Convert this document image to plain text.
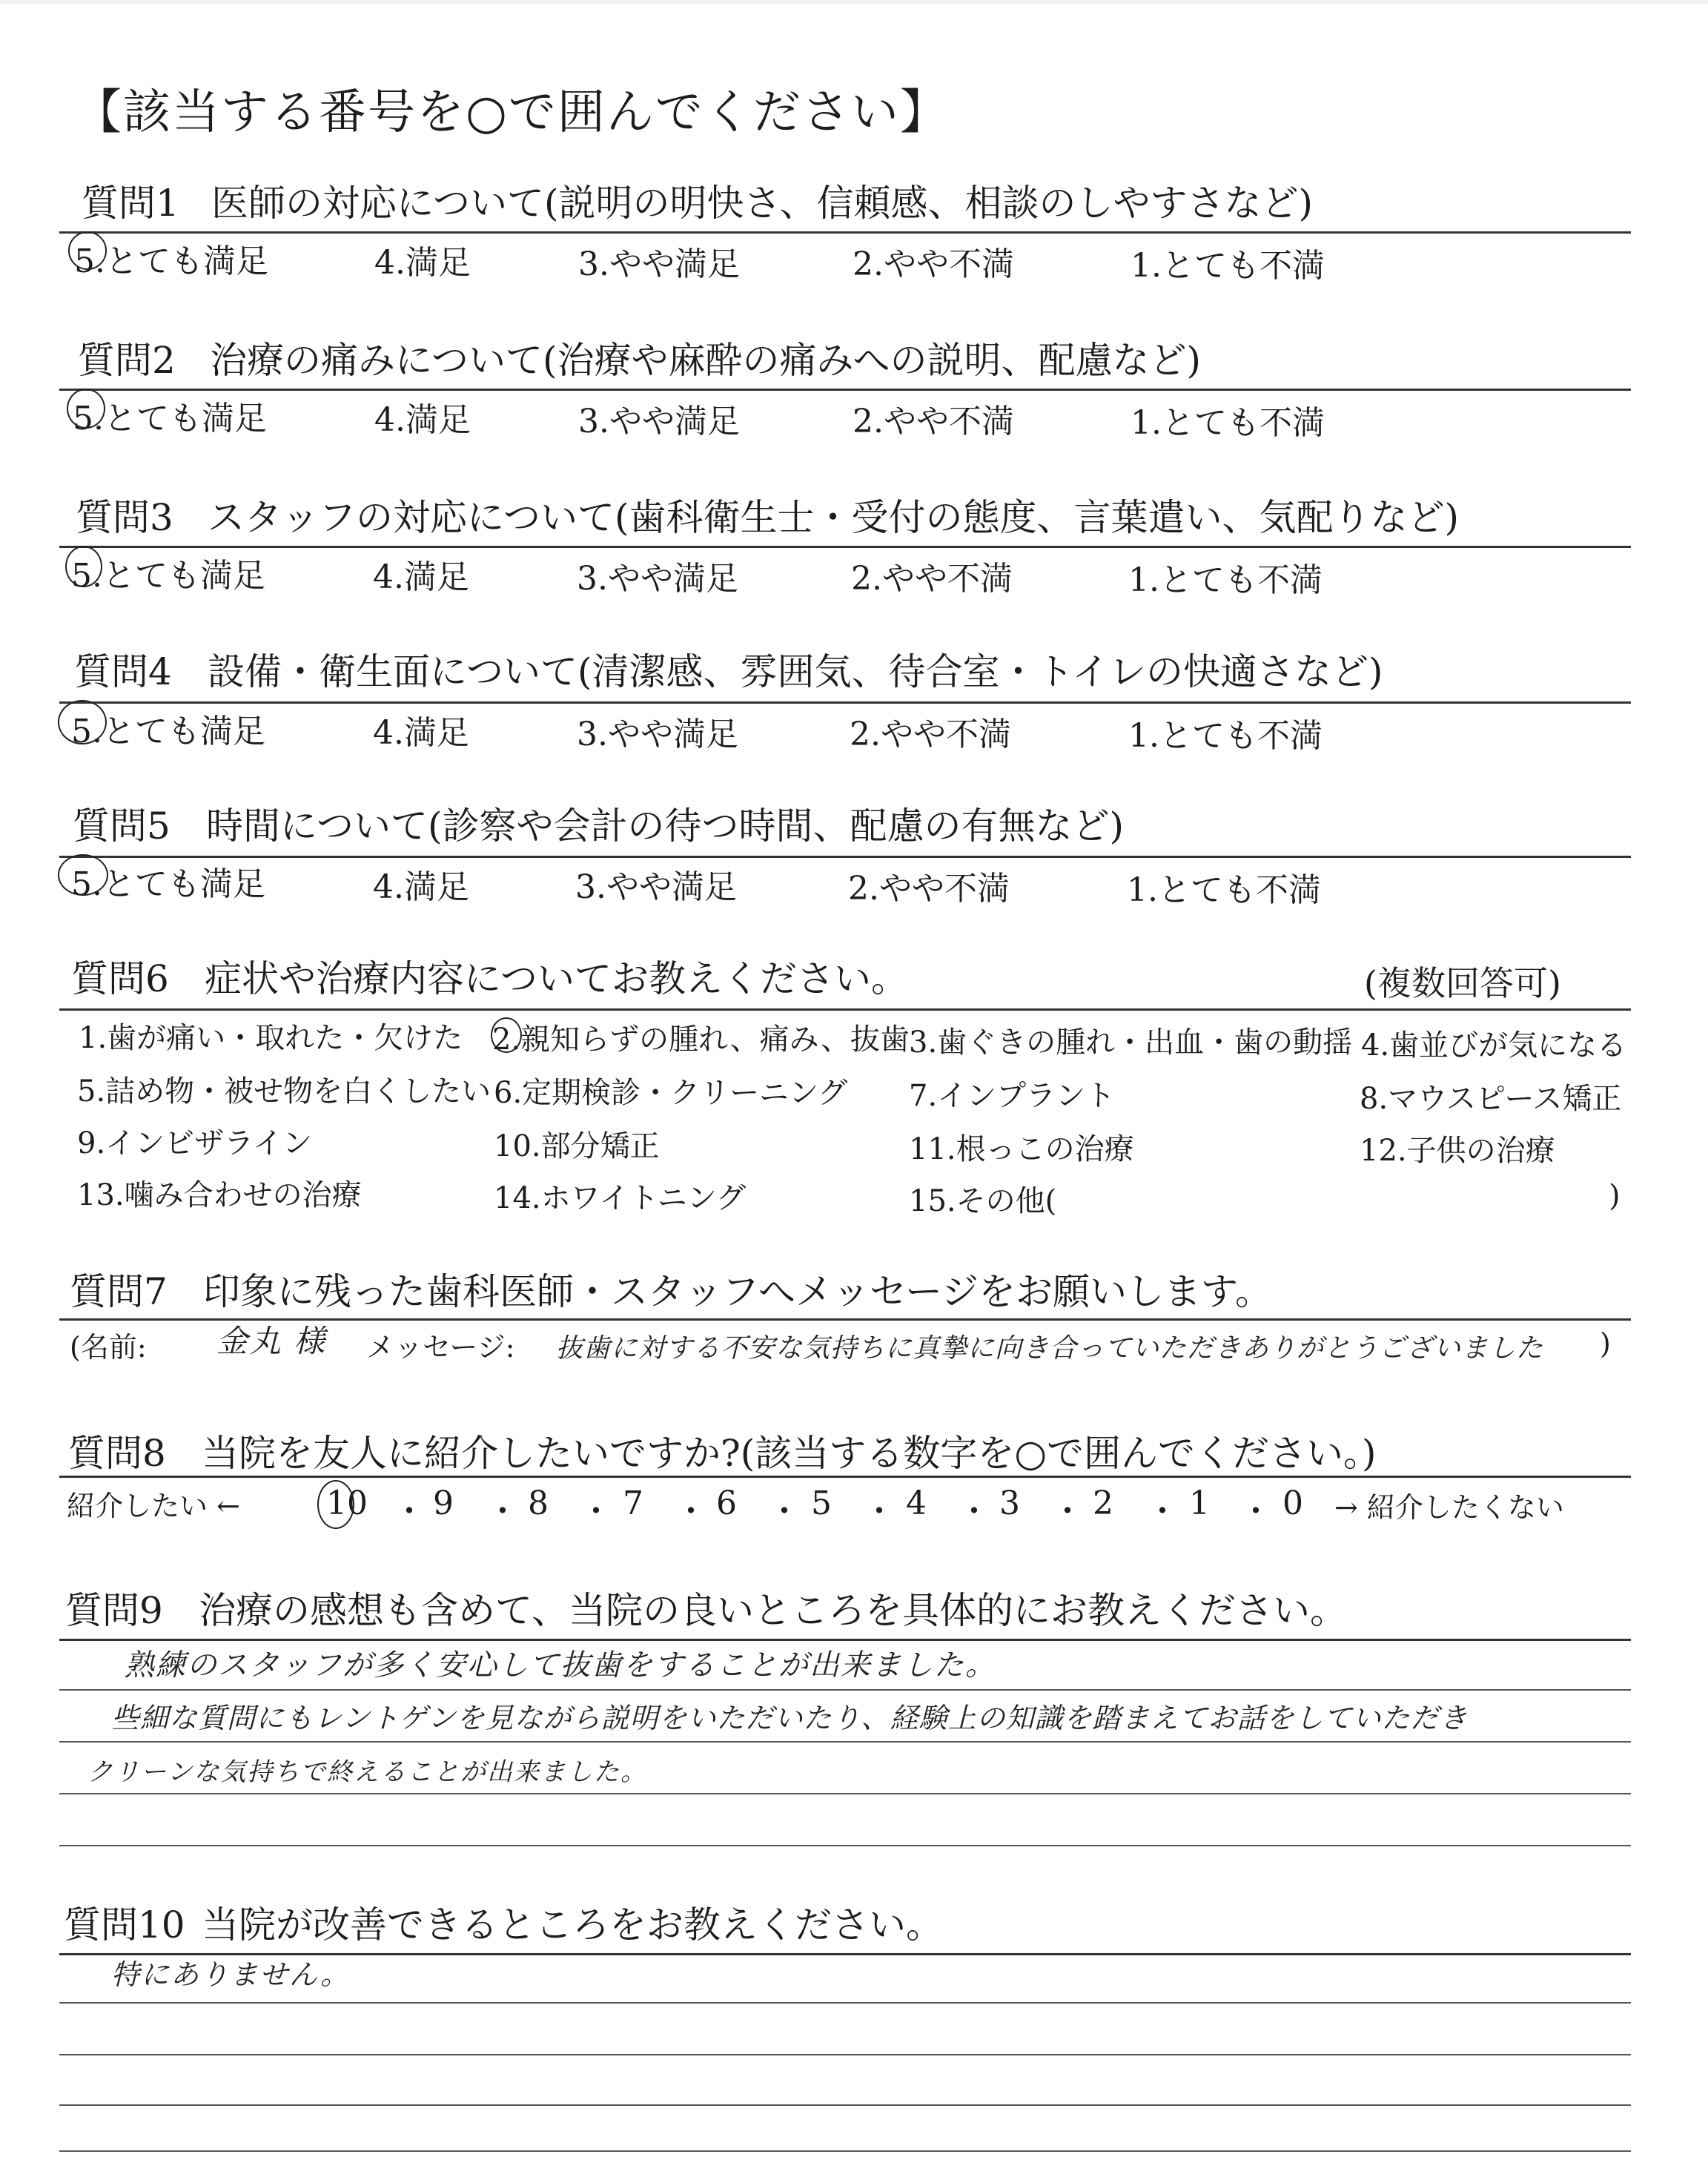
【該当する番号を○で囲んでください】
質問1 医師の対応について(説明の明快さ、信頼感、相談のしやすさなど)
5.とても満足	4.満足	3.やや満足	2.やや不満	1.とても不満
質問2 治療の痛みについて(治療や麻酔の痛みへの説明、配慮など)
5.とても満足	4.満足	3.やや満足	2.やや不満	1.とても不満
質問3 スタッフの対応について(歯科衛生士・受付の態度、言葉遣い、気配りなど)
5.とても満足	4.満足	3.やや満足	2.やや不満	1.とても不満
質問4 設備・衛生面について(清潔感、雰囲気、待合室・トイレの快適さなど)
5.とても満足	4.満足	3.やや満足	2.やや不満	1.とても不満
質問5 時間について(診察や会計の待つ時間、配慮の有無など)
5.とても満足	4.満足	3.やや満足	2.やや不満	1.とても不満
質問6 症状や治療内容についてお教えください。	(複数回答可)
1.歯が痛い・取れた・欠けた 2.親知らずの腫れ、痛み、抜歯 3.歯ぐきの腫れ・出血・歯の動揺 4.歯並びが気になる
5.詰め物・被せ物を白くしたい 6.定期検診・クリーニング 7.インプラント	8.マウスピース矯正
9.インビザライン	10.部分矯正	11.根っこの治療	12.子供の治療
13.噛み合わせの治療	14.ホワイトニング	15.その他(	)
質問7 印象に残った歯科医師・スタッフへメッセージをお願いします。
(名前: 金丸 様 メッセージ: 抜歯に対する不安な気持ちに真摯に向き合っていただきありがとうございました )
質問8 当院を友人に紹介したいですか?(該当する数字を○で囲んでください。)
紹介したい ←	10 ・ 9 ・ 8 ・ 7 ・ 6 ・ 5 ・ 4 ・ 3 ・ 2 ・ 1 ・ 0 → 紹介したくない
質問9 治療の感想も含めて、当院の良いところを具体的にお教えください。
熟練のスタッフが多く安心して抜歯をすることが出来ました。
些細な質問にもレントゲンを見ながら説明をいただいたり、経験上の知識を踏まえてお話をしていただき
クリーンな気持ちで終えることが出来ました。
質問10 当院が改善できるところをお教えください。
特にありません。
